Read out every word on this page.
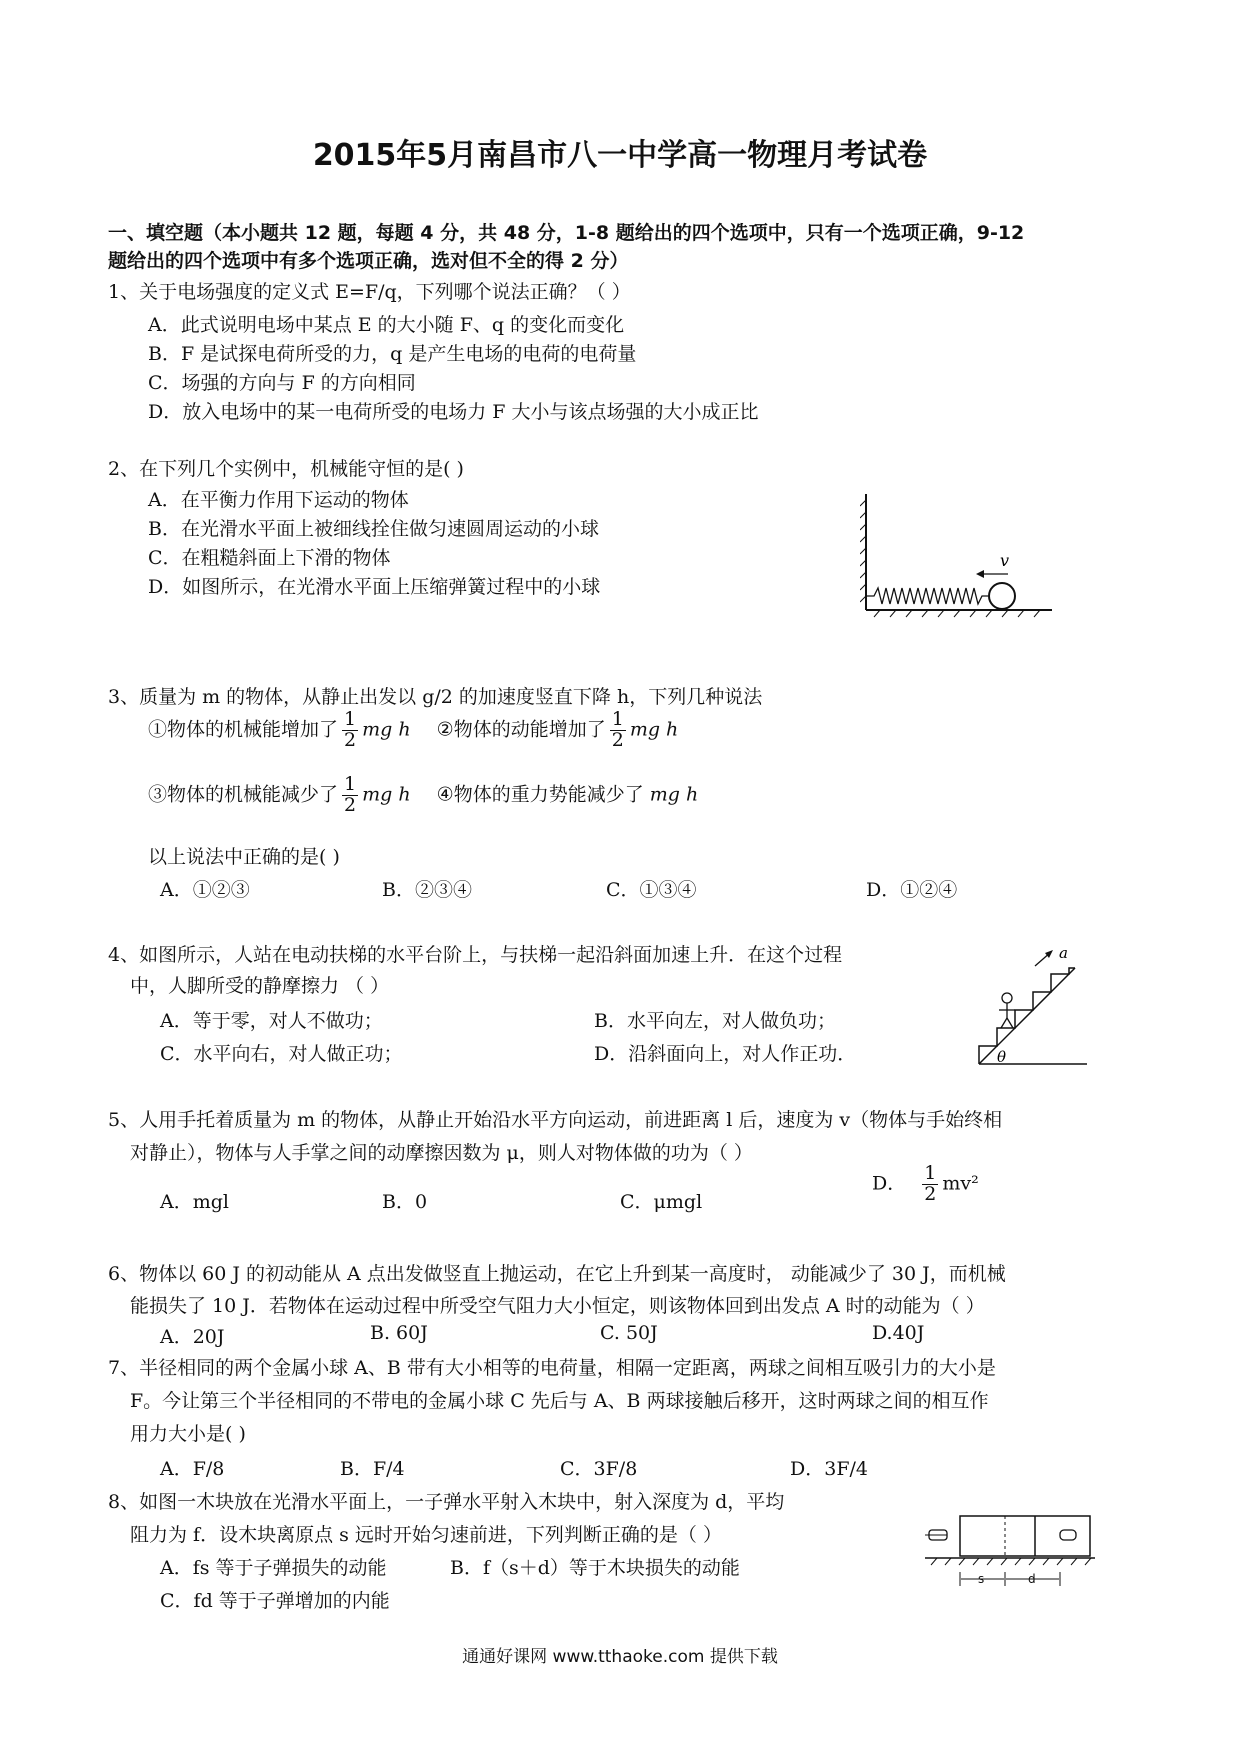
2015年5月南昌市八一中学高一物理月考试卷
一、填空题（本小题共 12 题，每题 4 分，共 48 分，1-8 题给出的四个选项中，只有一个选项正确，9-12
题给出的四个选项中有多个选项正确，选对但不全的得 2 分）
1、关于电场强度的定义式 E=F/q，下列哪个说法正确？（ ）
A．此式说明电场中某点 E 的大小随 F、q 的变化而变化
B．F 是试探电荷所受的力，q 是产生电场的电荷的电荷量
C．场强的方向与 F 的方向相同
D．放入电场中的某一电荷所受的电场力 F 大小与该点场强的大小成正比
2、在下列几个实例中，机械能守恒的是( )
A．在平衡力作用下运动的物体
B．在光滑水平面上被细线拴住做匀速圆周运动的小球
C．在粗糙斜面上下滑的物体
D．如图所示，在光滑水平面上压缩弹簧过程中的小球
v
3、质量为 m 的物体，从静止出发以 g/2 的加速度竖直下降 h，下列几种说法
①物体的机械能增加了 $\frac{1}{2}$ mg h ②物体的动能增加了 $\frac{1}{2}$ mg h
③物体的机械能减少了 $\frac{1}{2}$ mg h ④物体的重力势能减少了 mg h
以上说法中正确的是( )
A．①②③	B．②③④	C．①③④	D．①②④
4、如图所示，人站在电动扶梯的水平台阶上，与扶梯一起沿斜面加速上升．在这个过程
中，人脚所受的静摩擦力 （ ）
A．等于零，对人不做功；	B．水平向左，对人做负功；
C．水平向右，对人做正功；	D．沿斜面向上，对人作正功．
a
θ
5、人用手托着质量为 m 的物体，从静止开始沿水平方向运动，前进距离 l 后，速度为 v（物体与手始终相
对静止），物体与人手掌之间的动摩擦因数为 μ，则人对物体做的功为（ ）
A．mgl	B．0	C．μmgl
D． $\frac{1}{2} mv^2$
6、物体以 60 J 的初动能从 A 点出发做竖直上抛运动，在它上升到某一高度时， 动能减少了 30 J，而机械
能损失了 10 J．若物体在运动过程中所受空气阻力大小恒定，则该物体回到出发点 A 时的动能为（ ）
A．20J	B. 60J	C. 50J	D.40J
7、半径相同的两个金属小球 A、B 带有大小相等的电荷量，相隔一定距离，两球之间相互吸引力的大小是
F。今让第三个半径相同的不带电的金属小球 C 先后与 A、B 两球接触后移开，这时两球之间的相互作
用力大小是( )
A．F/8	B．F/4	C．3F/8	D．3F/4
8、如图一木块放在光滑水平面上，一子弹水平射入木块中，射入深度为 d，平均
阻力为 f．设木块离原点 s 远时开始匀速前进，下列判断正确的是（ ）
A．fs 等于子弹损失的动能	B．f（s＋d）等于木块损失的动能
C．fd 等于子弹增加的内能
s	d
通通好课网 www.tthaoke.com 提供下载
